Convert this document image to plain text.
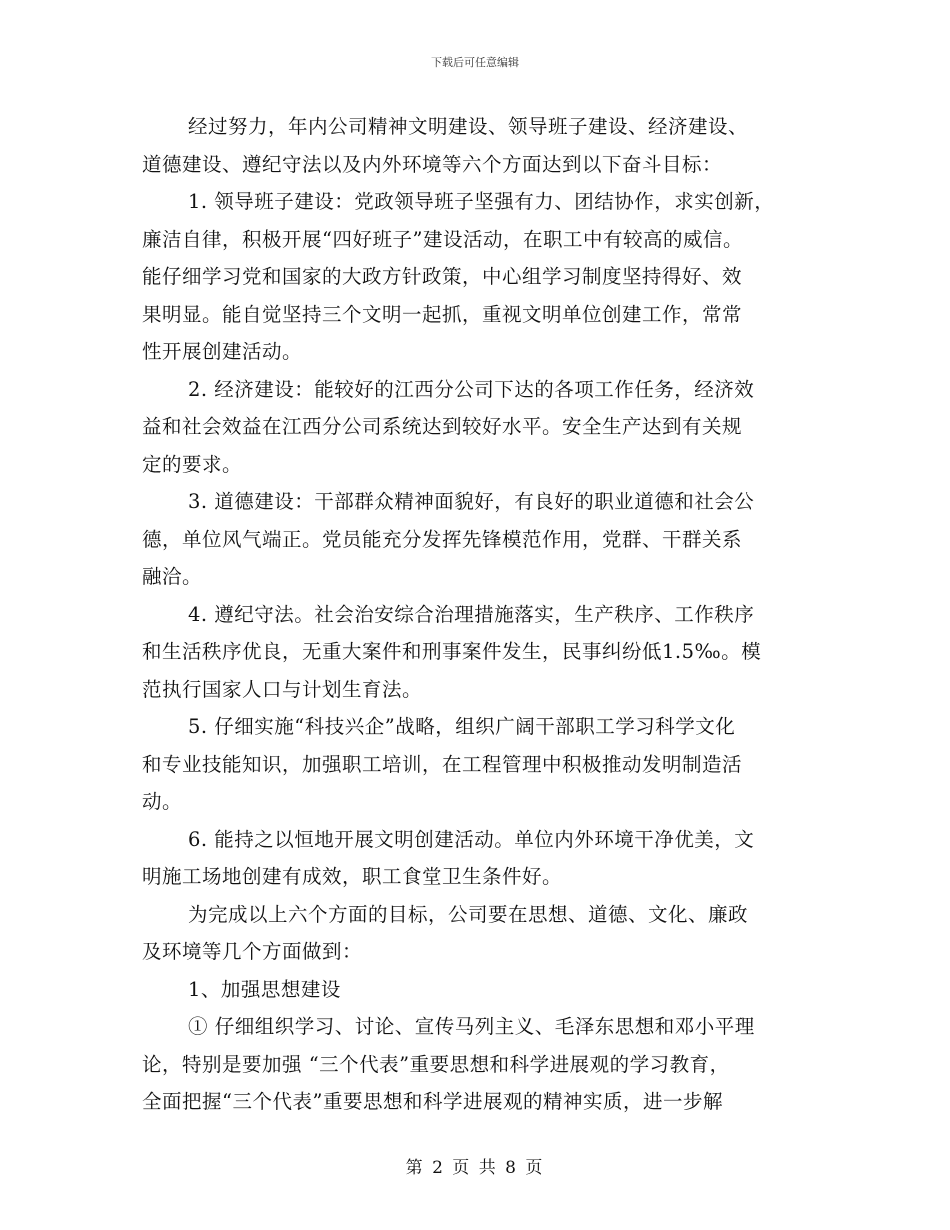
下载后可任意编辑
经过努力，年内公司精神文明建设、领导班子建设、经济建设、
道德建设、遵纪守法以及内外环境等六个方面达到以下奋斗目标：
1. 领导班子建设：党政领导班子坚强有力、团结协作，求实创新，
廉洁自律，积极开展“四好班子”建设活动，在职工中有较高的威信。
能仔细学习党和国家的大政方针政策，中心组学习制度坚持得好、效
果明显。能自觉坚持三个文明一起抓，重视文明单位创建工作，常常
性开展创建活动。
2. 经济建设：能较好的江西分公司下达的各项工作任务，经济效
益和社会效益在江西分公司系统达到较好水平。安全生产达到有关规
定的要求。
3. 道德建设：干部群众精神面貌好，有良好的职业道德和社会公
德，单位风气端正。党员能充分发挥先锋模范作用，党群、干群关系
融洽。
4. 遵纪守法。社会治安综合治理措施落实，生产秩序、工作秩序
和生活秩序优良，无重大案件和刑事案件发生，民事纠纷低1.5‰。模
范执行国家人口与计划生育法。
5. 仔细实施“科技兴企”战略，组织广阔干部职工学习科学文化
和专业技能知识，加强职工培训，在工程管理中积极推动发明制造活
动。
6. 能持之以恒地开展文明创建活动。单位内外环境干净优美，文
明施工场地创建有成效，职工食堂卫生条件好。
为完成以上六个方面的目标，公司要在思想、道德、文化、廉政
及环境等几个方面做到：
1、加强思想建设
① 仔细组织学习、讨论、宣传马列主义、毛泽东思想和邓小平理
论，特别是要加强 “三个代表”重要思想和科学进展观的学习教育，
全面把握“三个代表”重要思想和科学进展观的精神实质，进一步解
第 2 页 共 8 页
